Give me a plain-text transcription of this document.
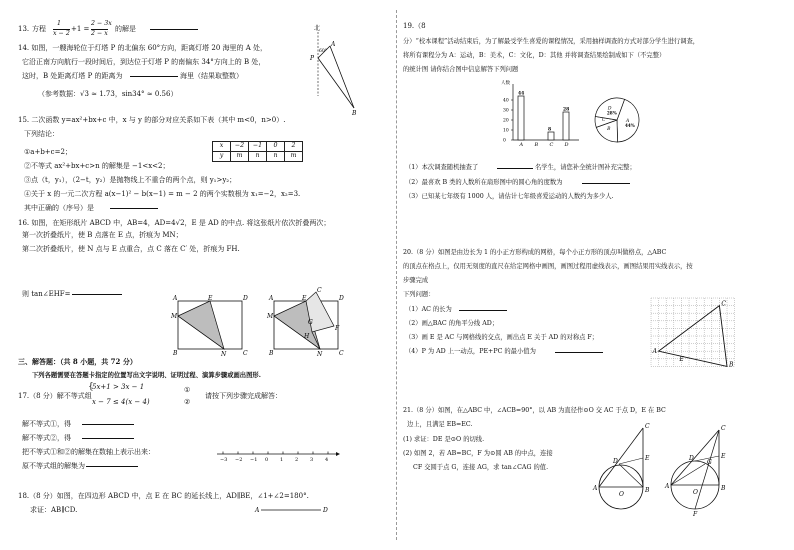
13. 方程
1
x − 2
+1 =
2 − 3x
2 − x
的解是
14. 如图，一艘海轮位于灯塔 P 的北偏东 60°方向，距离灯塔 20 海里的 A 处，
它沿正南方向航行一段时间后，到达位于灯塔 P 的南偏东 34°方向上的 B 处，
这时，B 处距离灯塔 P 的距离为	海里（结果取整数）
（参考数据：√3 ≈ 1.73，sin34° ≈ 0.56）
北
A
P
B
60°
15. 二次函数 y=ax²+bx+c 中，x 与 y 的部分对应关系如下表（其中 m<0，n>0）.
下列结论：
x	−2	−1	0	2
y	m	n	n	m
①a+b+c=2；
②不等式 ax²+bx+c>n 的解集是 −1<x<2；
③点（t，y₁），（2−t，y₂）是抛物线上不重合的两个点，则 y₁>y₂；
④关于 x 的一元二次方程 a(x−1)² − b(x−1) = m − 2 的两个实数根为 x₁=−2，x₂=3.
其中正确的（序号）是
16. 如图，在矩形纸片 ABCD 中，AB=4，AD=4√2，E 是 AD 的中点. 将这张纸片依次折叠两次；
第一次折叠纸片，使 B 点落在 E 点，折痕为 MN；
第二次折叠纸片，使 N 点与 E 点重合，点 C 落在 C′ 处，折痕为 FH.
则 tan∠EHF=
A	E	D
M
B	N	C
A	E	D
M
C
G
F
H
B	N	C
三、解答题：（共 8 小题，共 72 分）
下列各题需要在答题卡指定的位置写出文字说明、证明过程、演算步骤或画出图形.
17.（8 分）解不等式组
{
5x+1 > 3x − 1
x − 7 ≤ 4(x − 4)
①
②
请按下列步骤完成解答：
解不等式①，得
解不等式②，得
把不等式①和②的解集在数轴上表示出来：
原不等式组的解集为
−3 −2 −1 0 1 2 3 4
18.（8 分）如图，在四边形 ABCD 中，点 E 在 BC 的延长线上，AD∥BE，∠1+∠2=180°.
求证：AB∥CD.	A	D
19.（8
分）“校本课程”活动结束后，为了解最受学生喜爱的课程情况，采用抽样调查的方式对部分学生进行调查，
将所有课程分为 A：运动，B：美术，C：文化，D：其他 并将调查结果绘制成如下（不完整）
的统计图 请你结合图中信息解答下列问题
人数
0
10
20
30
40
44
A B
8
C
28
D
A
44%
B
C
D
28%
（1）本次调查随机抽查了	名学生，请您补全统计图补充完整；
（2）最喜欢 B 类的人数所在扇形图中的圆心角的度数为
（3）已知某七年级有 1000 人，请估计七年级喜爱运动的人数约为多少人.
20.（8 分）如图是由边长为 1 的小正方形构成的网格，每个小正方形的顶点叫做格点，△ABC
的顶点在格点上，仅用无刻度的直尺在给定网格中画图，画图过程用虚线表示，画图结果用实线表示，按
步骤完成
下列问题：
（1）AC 的长为
（2）画△BAC 的角平分线 AD；
（3）画 E 是 AC 与网格线的交点，画出点 E 关于 AD 的对称点 F；
（4）P 为 AD 上一动点，PE+PC 的最小值为
C
A
B
E
21.（8 分）如图，在△ABC 中，∠ACB=90°，以 AB 为直径作⊙O 交 AC 于点 D，E 在 BC
边上，且满足 EB=EC.
(1) 求证：DE 是⊙O 的切线.
(2) 如图 2，若 AB=BC，F 为⊙圆 AB 的中点，连接
CF 交圆于点 G，连接 AG，求 tan∠CAG 的值.
C
D	E
A
O
B
C
D
G
E
A
O
B
F
